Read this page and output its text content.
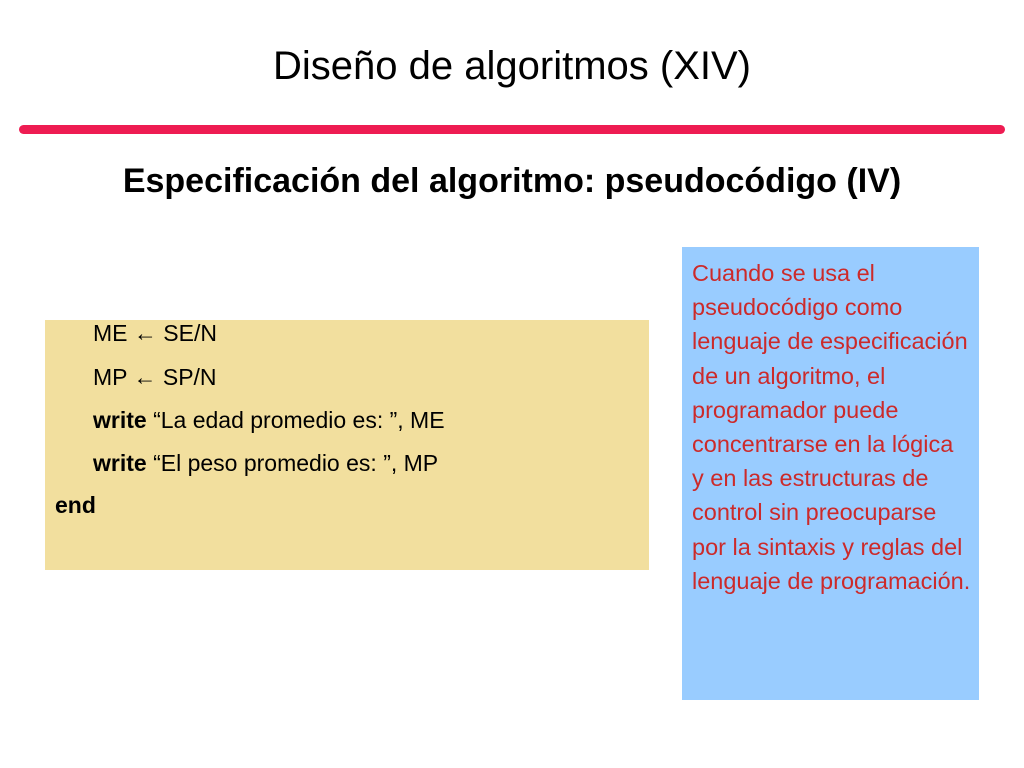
Diseño de algoritmos (XIV)
Especificación del algoritmo: pseudocódigo (IV)
ME ← SE/N
MP ← SP/N
write “La edad promedio es: ”, ME
write “El peso promedio es: ”, MP
end
Cuando se usa el pseudocódigo como lenguaje de especificación de un algoritmo, el programador puede concentrarse en la lógica y en las estructuras de control sin preocuparse por la sintaxis y reglas del lenguaje de programación.
